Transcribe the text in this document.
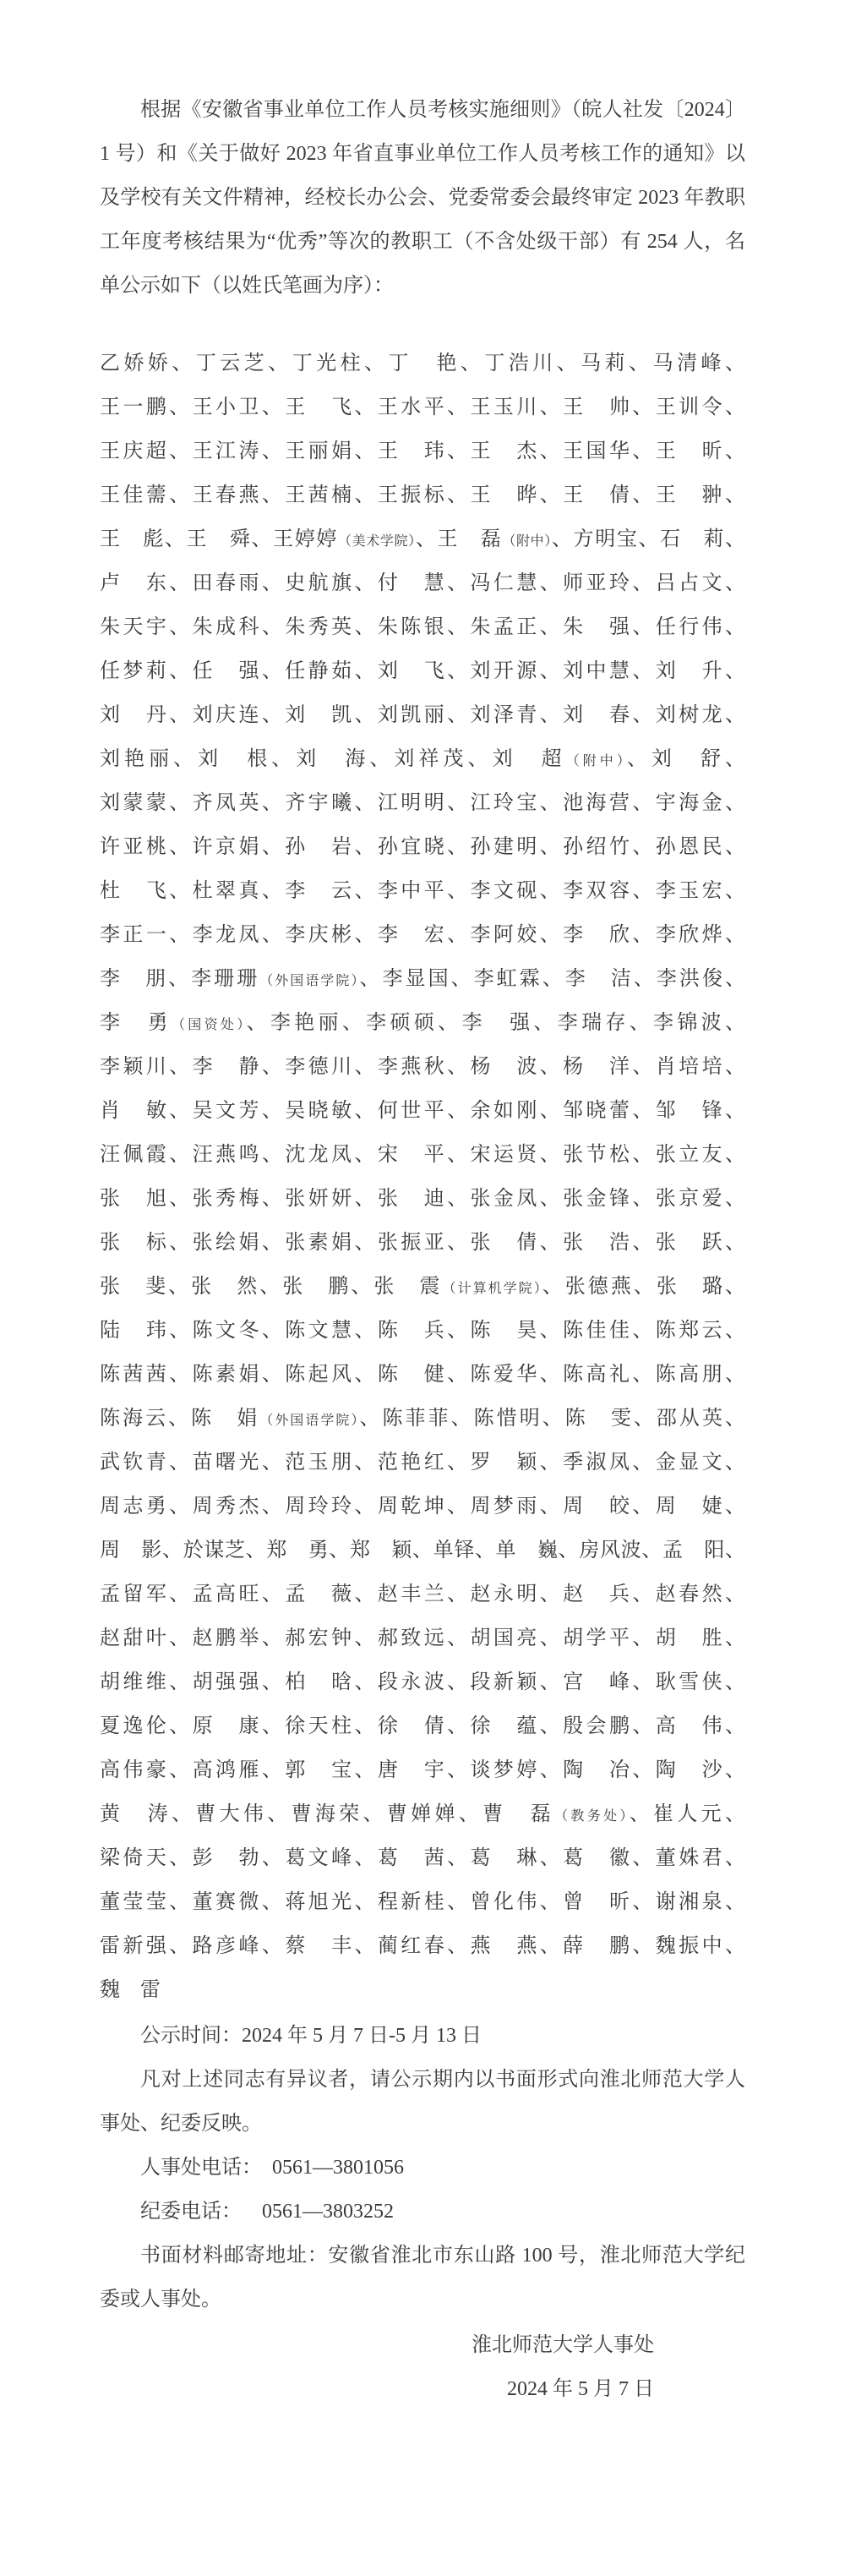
根据《安徽省事业单位工作人员考核实施细则》（皖人社发〔2024〕1 号）和《关于做好 2023 年省直事业单位工作人员考核工作的通知》以及学校有关文件精神，经校长办公会、党委常委会最终审定 2023 年教职工年度考核结果为“优秀”等次的教职工（不含处级干部）有 254 人，名单公示如下（以姓氏笔画为序）：

乙娇娇、丁云芝、丁光柱、丁　艳、丁浩川、马莉、马清峰、
王一鹏、王小卫、王　飞、王水平、王玉川、王　帅、王训令、
王庆超、王江涛、王丽娟、王　玮、王　杰、王国华、王　昕、
王佳薷、王春燕、王茜楠、王振标、王　晔、王　倩、王　翀、
王　彪、王　舜、王婷婷（美术学院）、王　磊（附中）、方明宝、石　莉、
卢　东、田春雨、史航旗、付　慧、冯仁慧、师亚玲、吕占文、
朱天宇、朱成科、朱秀英、朱陈银、朱孟正、朱　强、任行伟、
任梦莉、任　强、任静茹、刘　飞、刘开源、刘中慧、刘　升、
刘　丹、刘庆连、刘　凯、刘凯丽、刘泽青、刘　春、刘树龙、
刘艳丽、刘　根、刘　海、刘祥茂、刘　超（附中）、刘　舒、
刘蒙蒙、齐凤英、齐宇曦、江明明、江玲宝、池海营、宇海金、
许亚桃、许京娟、孙　岩、孙宜晓、孙建明、孙绍竹、孙恩民、
杜　飞、杜翠真、李　云、李中平、李文砚、李双容、李玉宏、
李正一、李龙凤、李庆彬、李　宏、李阿姣、李　欣、李欣烨、
李　朋、李珊珊（外国语学院）、李显国、李虹霖、李　洁、李洪俊、
李　勇（国资处）、李艳丽、李硕硕、李　强、李瑞存、李锦波、
李颖川、李　静、李德川、李燕秋、杨　波、杨　洋、肖培培、
肖　敏、吴文芳、吴晓敏、何世平、余如刚、邹晓蕾、邹　锋、
汪佩霞、汪燕鸣、沈龙凤、宋　平、宋运贤、张节松、张立友、
张　旭、张秀梅、张妍妍、张　迪、张金凤、张金锋、张京爱、
张　标、张绘娟、张素娟、张振亚、张　倩、张　浩、张　跃、
张　斐、张　然、张　鹏、张　震（计算机学院）、张德燕、张　璐、
陆　玮、陈文冬、陈文慧、陈　兵、陈　昊、陈佳佳、陈郑云、
陈茜茜、陈素娟、陈起风、陈　健、陈爱华、陈高礼、陈高朋、
陈海云、陈　娟（外国语学院）、陈菲菲、陈惜明、陈　雯、邵从英、
武钦青、苗曙光、范玉朋、范艳红、罗　颖、季淑凤、金显文、
周志勇、周秀杰、周玲玲、周乾坤、周梦雨、周　皎、周　婕、
周　影、於谋芝、郑　勇、郑　颖、单铎、单　巍、房风波、孟　阳、
孟留军、孟高旺、孟　薇、赵丰兰、赵永明、赵　兵、赵春然、
赵甜叶、赵鹏举、郝宏钟、郝致远、胡国亮、胡学平、胡　胜、
胡维维、胡强强、柏　晗、段永波、段新颖、宫　峰、耿雪侠、
夏逸伦、原　康、徐天柱、徐　倩、徐　蕴、殷会鹏、高　伟、
高伟豪、高鸿雁、郭　宝、唐　宇、谈梦婷、陶　冶、陶　沙、
黄　涛、曹大伟、曹海荣、曹婵婵、曹　磊（教务处）、崔人元、
梁倚天、彭　勃、葛文峰、葛　茜、葛　琳、葛　徽、董姝君、
董莹莹、董赛微、蒋旭光、程新桂、曾化伟、曾　昕、谢湘泉、
雷新强、路彦峰、蔡　丰、蔺红春、燕　燕、薛　鹏、魏振中、
魏　雷

公示时间：2024 年 5 月 7 日-5 月 13 日

凡对上述同志有异议者，请公示期内以书面形式向淮北师范大学人事处、纪委反映。

人事处电话：  0561—3801056

纪委电话：    0561—3803252

书面材料邮寄地址：安徽省淮北市东山路 100 号，淮北师范大学纪委或人事处。

淮北师范大学人事处

2024 年 5 月 7 日
